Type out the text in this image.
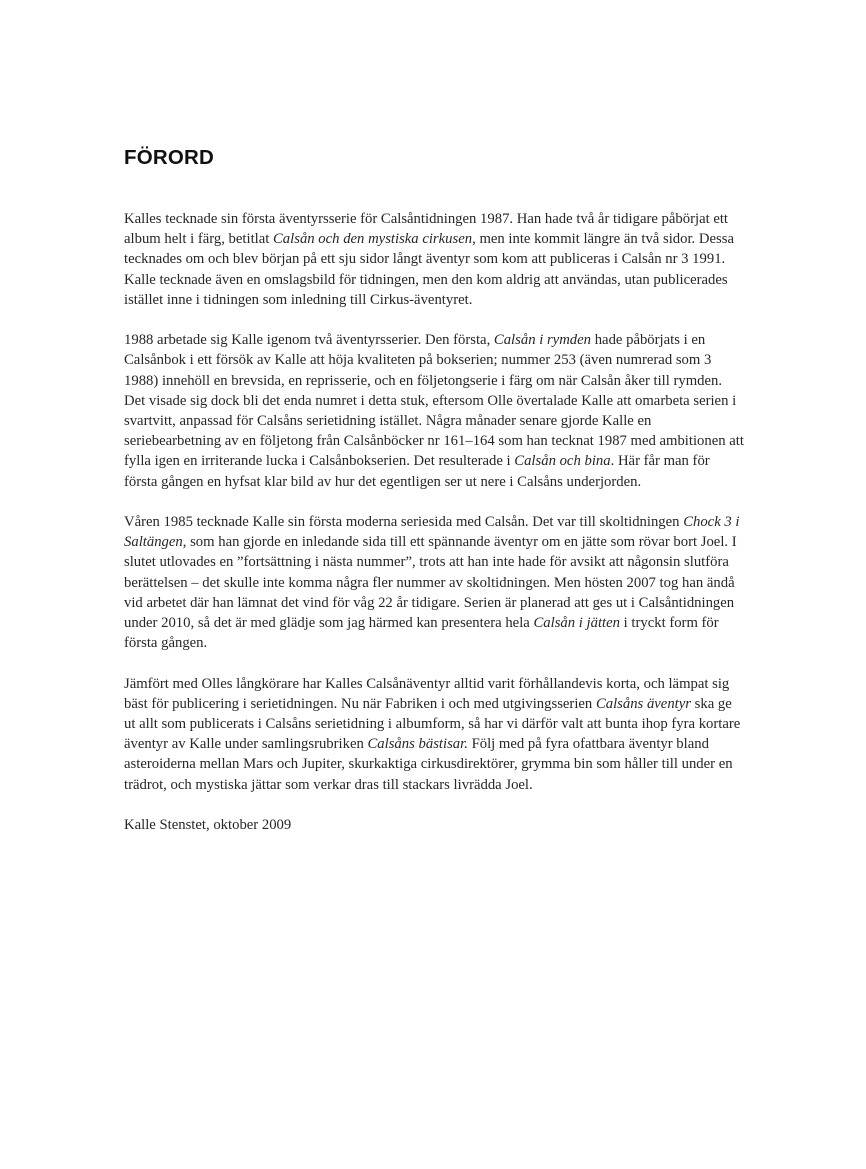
FÖRORD

Kalles tecknade sin första äventyrsserie för Calsåntidningen 1987. Han hade två år tidigare påbörjat ett album helt i färg, betitlat Calsån och den mystiska cirkusen, men inte kommit längre än två sidor. Dessa tecknades om och blev början på ett sju sidor långt äventyr som kom att publiceras i Calsån nr 3 1991. Kalle tecknade även en omslagsbild för tidningen, men den kom aldrig att användas, utan publicerades istället inne i tidningen som inledning till Cirkus-äventyret.

1988 arbetade sig Kalle igenom två äventyrsserier. Den första, Calsån i rymden hade påbörjats i en Calsånbok i ett försök av Kalle att höja kvaliteten på bokserien; nummer 253 (även numrerad som 3 1988) innehöll en brevsida, en reprisserie, och en följetongserie i färg om när Calsån åker till rymden. Det visade sig dock bli det enda numret i detta stuk, eftersom Olle övertalade Kalle att omarbeta serien i svartvitt, anpassad för Calsåns serietidning istället. Några månader senare gjorde Kalle en seriebearbetning av en följetong från Calsånböcker nr 161–164 som han tecknat 1987 med ambitionen att fylla igen en irriterande lucka i Calsånbokserien. Det resulterade i Calsån och bina. Här får man för första gången en hyfsat klar bild av hur det egentligen ser ut nere i Calsåns underjorden.

Våren 1985 tecknade Kalle sin första moderna seriesida med Calsån. Det var till skoltidningen Chock 3 i Saltängen, som han gjorde en inledande sida till ett spännande äventyr om en jätte som rövar bort Joel. I slutet utlovades en ”fortsättning i nästa nummer”, trots att han inte hade för avsikt att någonsin slutföra berättelsen – det skulle inte komma några fler nummer av skoltidningen. Men hösten 2007 tog han ändå vid arbetet där han lämnat det vind för våg 22 år tidigare. Serien är planerad att ges ut i Calsåntidningen under 2010, så det är med glädje som jag härmed kan presentera hela Calsån i jätten i tryckt form för första gången.

Jämfört med Olles långkörare har Kalles Calsånäventyr alltid varit förhållandevis korta, och lämpat sig bäst för publicering i serietidningen. Nu när Fabriken i och med utgivingsserien Calsåns äventyr ska ge ut allt som publicerats i Calsåns serietidning i albumform, så har vi därför valt att bunta ihop fyra kortare äventyr av Kalle under samlingsrubriken Calsåns bästisar. Följ med på fyra ofattbara äventyr bland asteroiderna mellan Mars och Jupiter, skurkaktiga cirkusdirektörer, grymma bin som håller till under en trädrot, och mystiska jättar som verkar dras till stackars livrädda Joel.

Kalle Stenstet, oktober 2009
